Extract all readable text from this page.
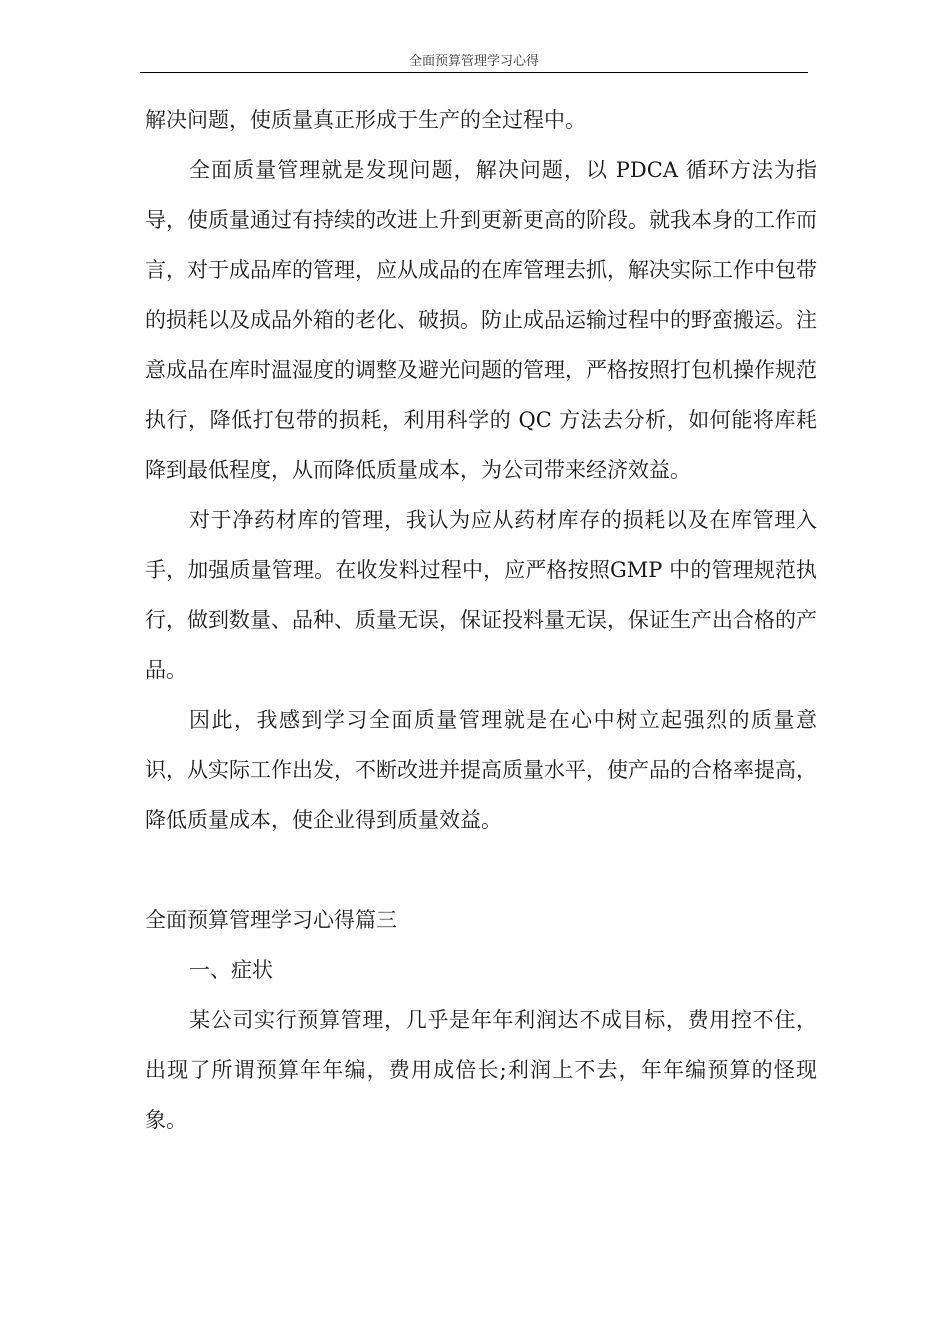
全面预算管理学习心得

解决问题，使质量真正形成于生产的全过程中。

全面质量管理就是发现问题，解决问题，以 PDCA 循环方法为指导，使质量通过有持续的改进上升到更新更高的阶段。就我本身的工作而言，对于成品库的管理，应从成品的在库管理去抓，解决实际工作中包带的损耗以及成品外箱的老化、破损。防止成品运输过程中的野蛮搬运。注意成品在库时温湿度的调整及避光问题的管理，严格按照打包机操作规范执行，降低打包带的损耗，利用科学的 QC 方法去分析，如何能将库耗降到最低程度，从而降低质量成本，为公司带来经济效益。

对于净药材库的管理，我认为应从药材库存的损耗以及在库管理入手，加强质量管理。在收发料过程中，应严格按照GMP 中的管理规范执行，做到数量、品种、质量无误，保证投料量无误，保证生产出合格的产品。

因此，我感到学习全面质量管理就是在心中树立起强烈的质量意识，从实际工作出发，不断改进并提高质量水平，使产品的合格率提高，降低质量成本，使企业得到质量效益。

全面预算管理学习心得篇三

一、症状

某公司实行预算管理，几乎是年年利润达不成目标，费用控不住，出现了所谓预算年年编，费用成倍长;利润上不去，年年编预算的怪现象。
